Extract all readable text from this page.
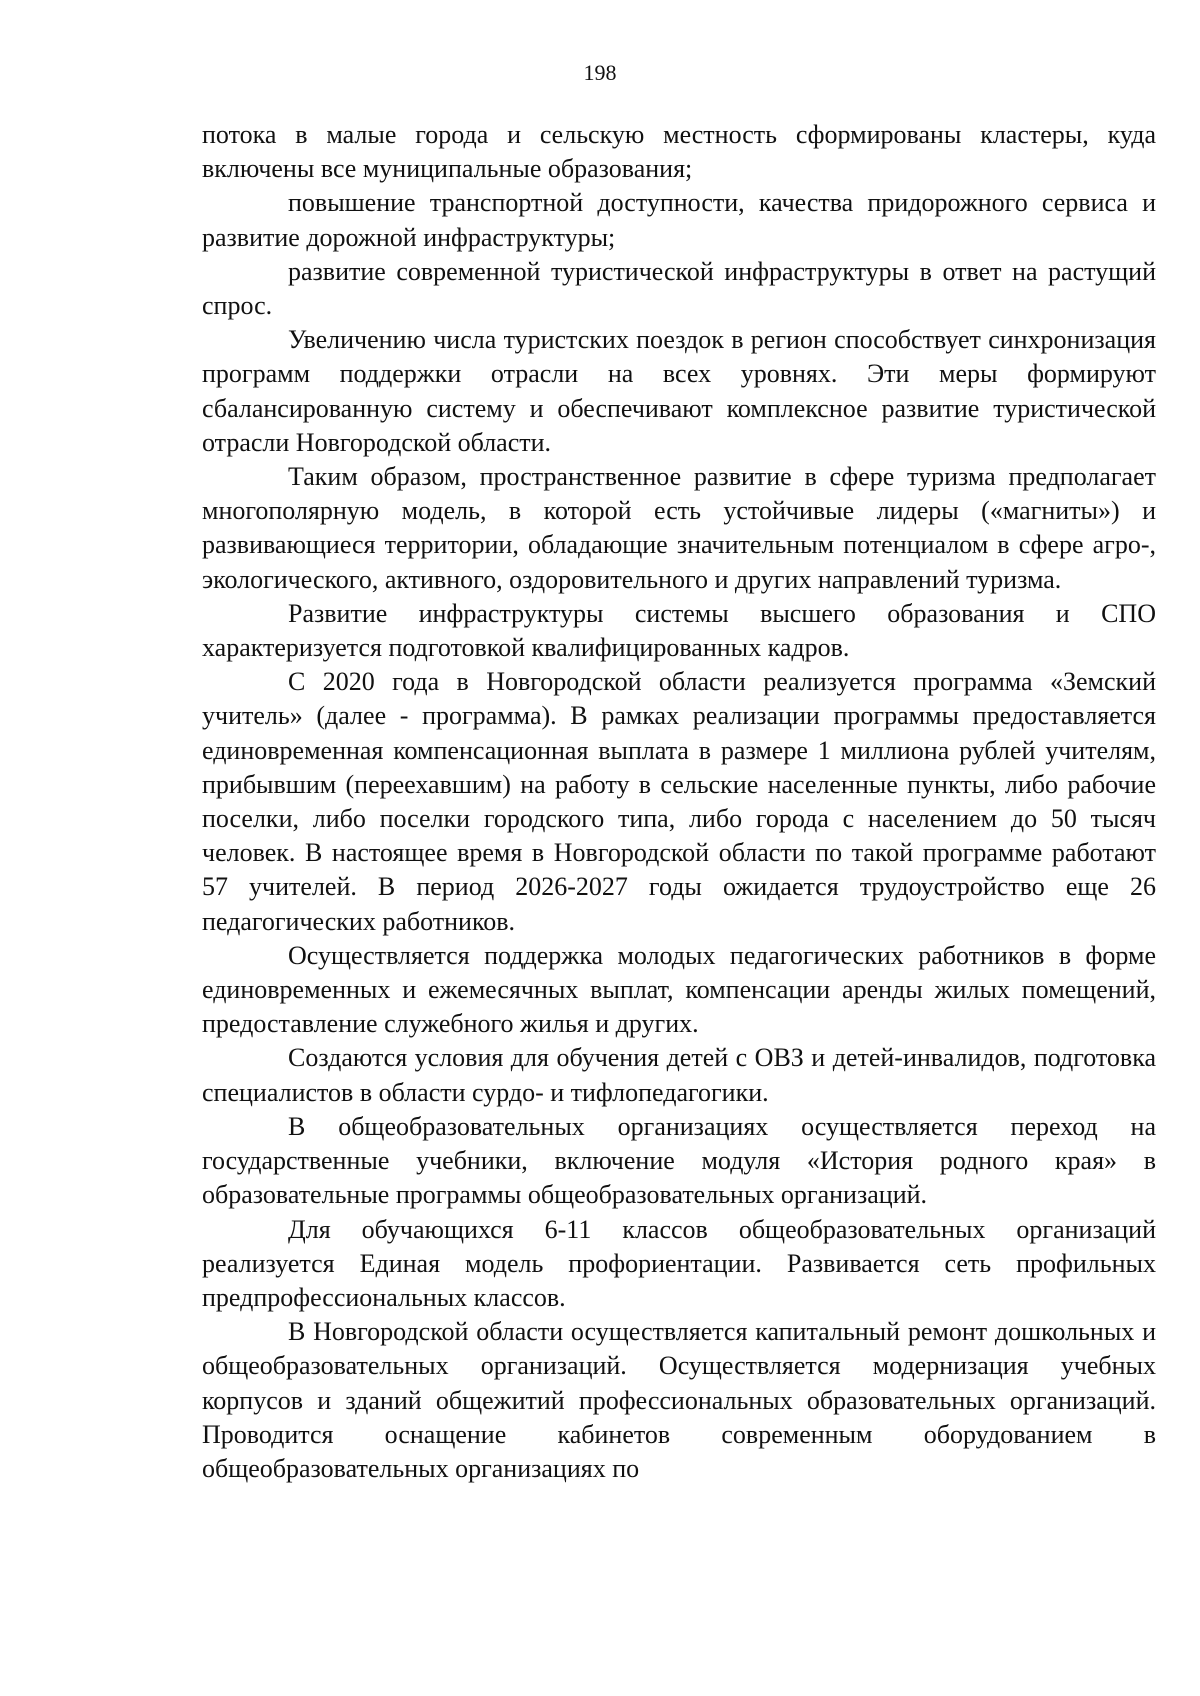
198

потока в малые города и сельскую местность сформированы кластеры, куда включены все муниципальные образования;

повышение транспортной доступности, качества придорожного сервиса и развитие дорожной инфраструктуры;

развитие современной туристической инфраструктуры в ответ на растущий спрос.

Увеличению числа туристских поездок в регион способствует синхронизация программ поддержки отрасли на всех уровнях. Эти меры формируют сбалансированную систему и обеспечивают комплексное развитие туристической отрасли Новгородской области.

Таким образом, пространственное развитие в сфере туризма предполагает многополярную модель, в которой есть устойчивые лидеры («магниты») и развивающиеся территории, обладающие значительным потенциалом в сфере агро-, экологического, активного, оздоровительного и других направлений туризма.

Развитие инфраструктуры системы высшего образования и СПО характеризуется подготовкой квалифицированных кадров.

С 2020 года в Новгородской области реализуется программа «Земский учитель» (далее - программа). В рамках реализации программы предоставляется единовременная компенсационная выплата в размере 1 миллиона рублей учителям, прибывшим (переехавшим) на работу в сельские населенные пункты, либо рабочие поселки, либо поселки городского типа, либо города с населением до 50 тысяч человек. В настоящее время в Новгородской области по такой программе работают 57 учителей. В период 2026-2027 годы ожидается трудоустройство еще 26 педагогических работников.

Осуществляется поддержка молодых педагогических работников в форме единовременных и ежемесячных выплат, компенсации аренды жилых помещений, предоставление служебного жилья и других.

Создаются условия для обучения детей с ОВЗ и детей-инвалидов, подготовка специалистов в области сурдо- и тифлопедагогики.

В общеобразовательных организациях осуществляется переход на государственные учебники, включение модуля «История родного края» в образовательные программы общеобразовательных организаций.

Для обучающихся 6-11 классов общеобразовательных организаций реализуется Единая модель профориентации. Развивается сеть профильных предпрофессиональных классов.

В Новгородской области осуществляется капитальный ремонт дошкольных и общеобразовательных организаций. Осуществляется модернизация учебных корпусов и зданий общежитий профессиональных образовательных организаций. Проводится оснащение кабинетов современным оборудованием в общеобразовательных организациях по
